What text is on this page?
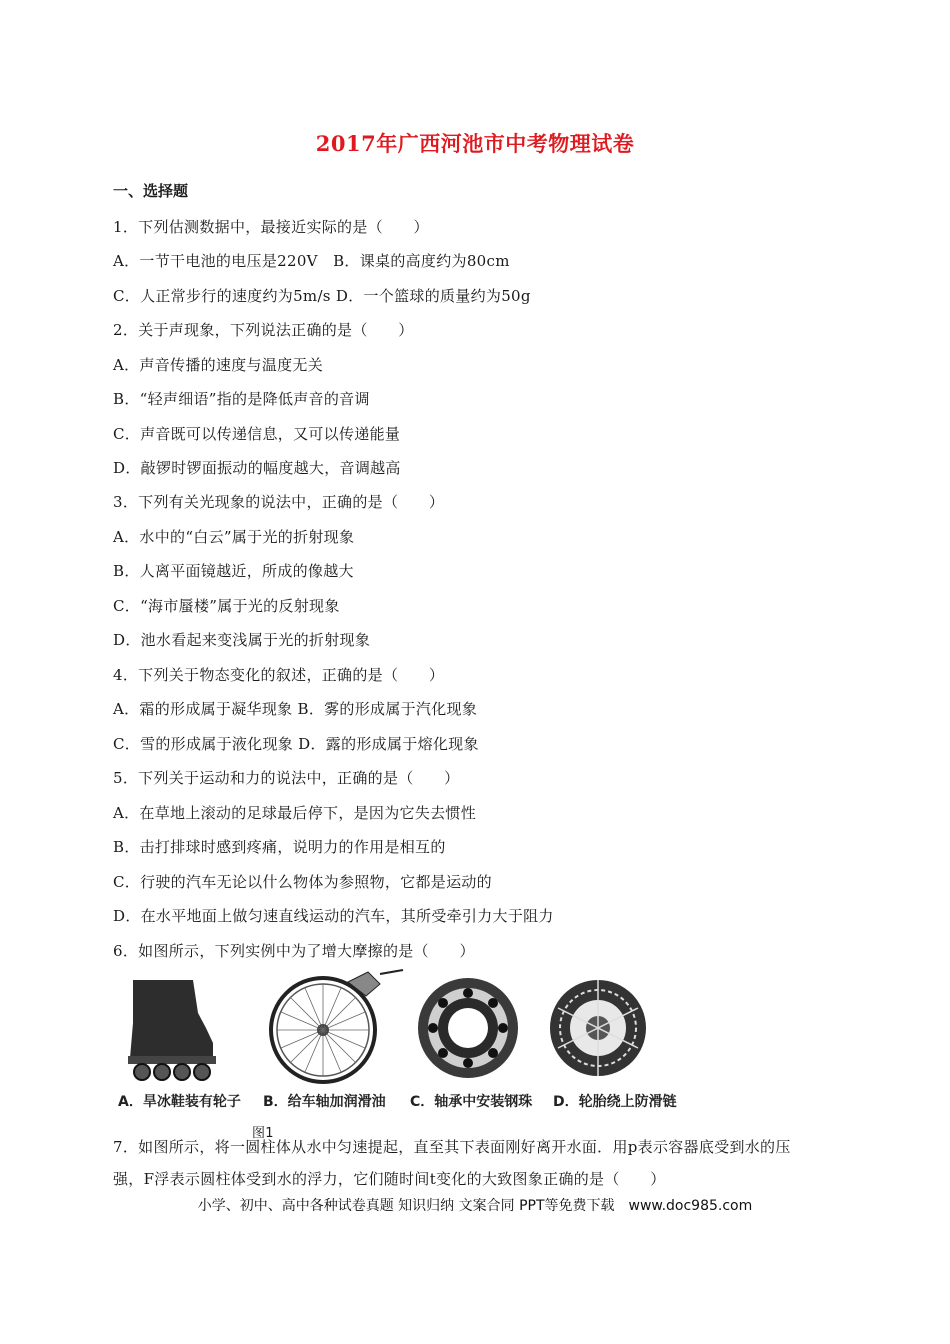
2017年广西河池市中考物理试卷
一、选择题
1．下列估测数据中，最接近实际的是（　　）
A．一节干电池的电压是220V　B．课桌的高度约为80cm
C．人正常步行的速度约为5m/s D．一个篮球的质量约为50g
2．关于声现象，下列说法正确的是（　　）
A．声音传播的速度与温度无关
B．“轻声细语”指的是降低声音的音调
C．声音既可以传递信息，又可以传递能量
D．敲锣时锣面振动的幅度越大，音调越高
3．下列有关光现象的说法中，正确的是（　　）
A．水中的“白云”属于光的折射现象
B．人离平面镜越近，所成的像越大
C．“海市蜃楼”属于光的反射现象
D．池水看起来变浅属于光的折射现象
4．下列关于物态变化的叙述，正确的是（　　）
A．霜的形成属于凝华现象 B．雾的形成属于汽化现象
C．雪的形成属于液化现象 D．露的形成属于熔化现象
5．下列关于运动和力的说法中，正确的是（　　）
A．在草地上滚动的足球最后停下，是因为它失去惯性
B．击打排球时感到疼痛，说明力的作用是相互的
C．行驶的汽车无论以什么物体为参照物，它都是运动的
D．在水平地面上做匀速直线运动的汽车，其所受牵引力大于阻力
6．如图所示，下列实例中为了增大摩擦的是（　　）
A．旱冰鞋装有轮子 B．给车轴加润滑油 C．轴承中安装钢珠 D．轮胎绕上防滑链
图1
7．如图所示，将一圆柱体从水中匀速提起，直至其下表面刚好离开水面．用p表示容器底受到水的压
强，F浮表示圆柱体受到水的浮力，它们随时间t变化的大致图象正确的是（　　）
小学、初中、高中各种试卷真题 知识归纳 文案合同 PPT等免费下载　www.doc985.com
